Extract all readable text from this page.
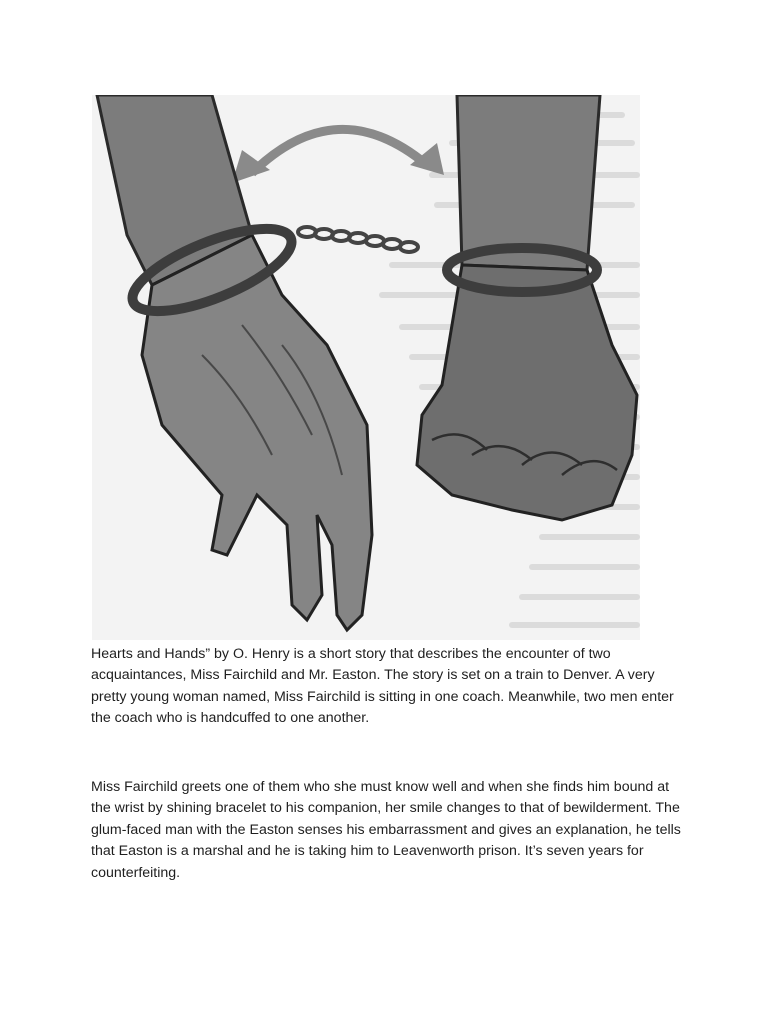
Hearts and Hands” by O. Henry is a short story that describes the encounter of two acquaintances, Miss Fairchild and Mr. Easton. The story is set on a train to Denver. A very pretty young woman named, Miss Fairchild is sitting in one coach. Meanwhile, two men enter the coach who is handcuffed to one another.

Miss Fairchild greets one of them who she must know well and when she finds him bound at the wrist by shining bracelet to his companion, her smile changes to that of bewilderment. The glum-faced man with the Easton senses his embarrassment and gives an explanation, he tells that Easton is a marshal and he is taking him to Leavenworth prison. It’s seven years for counterfeiting.
